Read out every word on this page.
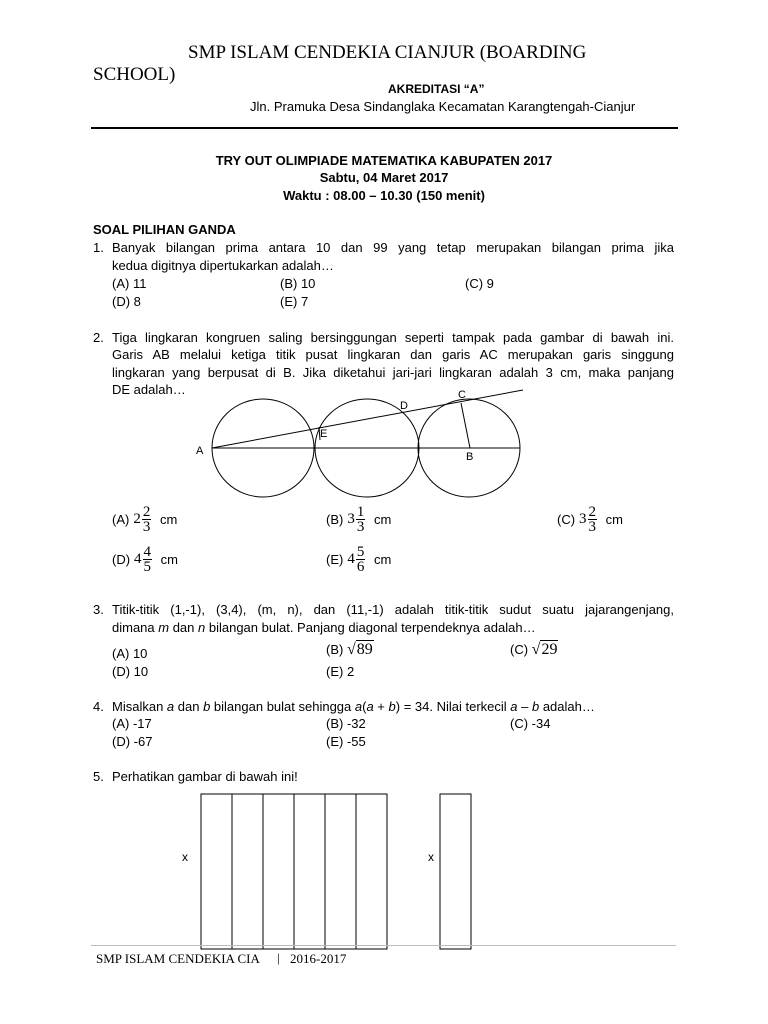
SMP ISLAM CENDEKIA CIANJUR (BOARDING
SCHOOL)
AKREDITASI “A”
Jln. Pramuka Desa Sindanglaka Kecamatan Karangtengah-Cianjur
TRY OUT OLIMPIADE MATEMATIKA KABUPATEN 2017
Sabtu, 04 Maret 2017
Waktu : 08.00 – 10.30 (150 menit)
SOAL PILIHAN GANDA
1. Banyak bilangan prima antara 10 dan 99 yang tetap merupakan bilangan prima jika
kedua digitnya dipertukarkan adalah…
(A) 11	(B) 10	(C) 9
(D) 8	(E) 7
2. Tiga lingkaran kongruen saling bersinggungan seperti tampak pada gambar di bawah ini.
Garis AB melalui ketiga titik pusat lingkaran dan garis AC merupakan garis singgung
lingkaran yang berpusat di B. Jika diketahui jari-jari lingkaran adalah 3 cm, maka panjang
DE adalah…
A	B
C
D
E
(A) $2 \frac{2}{3}$ cm	(B) $3 \frac{1}{3}$ cm	(C) $3 \frac{2}{3}$ cm
(D) $4 \frac{4}{5}$ cm	(E) $4 \frac{5}{6}$ cm
3. Titik-titik (1,-1), (3,4), (m, n), dan (11,-1) adalah titik-titik sudut suatu jajarangenjang,
dimana m dan n bilangan bulat. Panjang diagonal terpendeknya adalah…
(A) 10	(B) √89	(C) √29
(D) 10	(E) 2
4. Misalkan a dan b bilangan bulat sehingga a(a + b) = 34. Nilai terkecil a – b adalah…
(A) -17	(B) -32	(C) -34
(D) -67	(E) -55
5. Perhatikan gambar di bawah ini!
x	x
SMP ISLAM CENDEKIA CIA | 2016-2017
